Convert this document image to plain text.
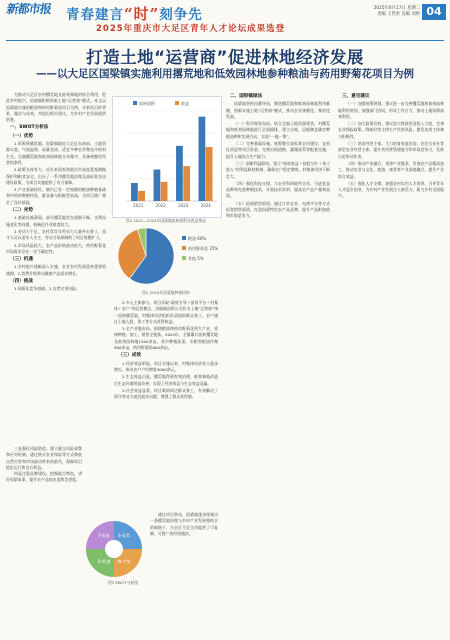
新都市报 青春建言“时”刻争先
2025年重庆市大足区青年人才论坛成果选登
2025年6月17日 星期二
责编 王世洪 美编 刘婷 04
打造土地“运营商”促进林地经济发展
——以大足区国梁镇实施利用撂荒地和低效园林地参种粮油与药用野菊花项目为例

为推动大足区农村撂荒地及低效林地的综合利用，促进乡村振兴，国梁镇积极探索土地“运营商”模式。本文以国梁镇实施的粮油和药用野菊花项目为例，分析项目的背景、做法与成效，并提出相关建议，为乡村产业发展提供借鉴。

一、SWOT分析法
（一）优势

1.资源禀赋优越。国梁镇地处大足区东南部，土地资源丰富，气候温和，雨量充沛，适宜多种农作物及中药材生长。全镇撂荒地和低效园林地分布集中，具备规模化经营的条件。

2.政策支持有力。近年来国家和重庆市高度重视耕地保护和粮食安全，出台了一系列撂荒地治理及高标准农田建设政策，为项目实施提供了有力保障。

3.产业基础较好。镇内已有一定规模的粮油种植基础和中药材种植经验，群众参与积极性较高，为项目推广奠定了良好基础。

（二）劣势

1.基础设施薄弱。部分撂荒地存在道路不畅、水利设施老化等问题，机械化作业难度较大。

2.劳动力不足。农村青壮年劳动力大量外出务工，留守人员以老年人为主，劳动力短缺制约了项目规模扩大。

3.市场风险较大。农产品价格波动较大，药用野菊花市场需求存在一定不确定性。

（三）机遇

1.乡村振兴战略深入实施，农业农村发展迎来重要机遇期。2.消费升级带动健康产品需求增长。

（四）挑战

1.同质化竞争加剧。2.自然灾害风险。

2021	2022	2023	2024
流转面积	收益
图1 2021—2024年国梁镇流转面积及收益情况
粮油 60%
药用野菊花 35%
其他 5%
图2 2024年国梁镇种植结构

2.多元主体参与。项目采取“政府引导＋国资平台＋村集体＋农户”的运营模式，由镇属国资公司作为土地“运营商”统一流转撂荒地，村集体经济组织负责组织群众务工，农户通过土地入股、务工等方式获得收益。

3.全产业链布局。围绕粮油和药用野菊花两大产业，延伸种植、加工、销售全链条。2024年，全镇累计流转撂荒地及低效园林地1500余亩，其中种植油菜、水稻等粮油作物900余亩，药用野菊花600余亩。

（三）成效

1.经济效益明显。项目实施以来，村集体经济收入稳步增长，带动农户户均增收3000余元。

2.生态效益凸显。撂荒地得到有效治理，低效林地改造后生态环境明显改善，实现了经济效益与生态效益双赢。

3.社会效益显著。项目吸纳周边群众务工，有效解决了留守劳动力就近就业问题，增强了群众获得感。

二、国梁镇做法

国梁镇坚持问题导向，聚焦撂荒地和低效园林地利用难题，创新实施土地“运营商”模式，推动农业规模化、集约化发展。

（一）科学规划布局。结合全镇土地资源现状，对撂荒地和低效园林地进行全面摸排，建立台账，因地制宜确定种植品种和发展方向，实现“一地一策”。

（二）完善基础设施。统筹整合高标准农田建设、宜机化改造等项目资金，完善田间道路、灌溉渠系等配套设施，提升土地综合生产能力。

（三）创新利益联结。建立“保底收益＋按股分红＋务工收入”的利益联结机制，确保农户稳定增收，村集体经济不断壮大。

（四）强化科技支撑。与农业科研院所合作，引进优良品种和先进种植技术，开展技术培训，提高农产品产量和品质。

（五）拓展销售渠道。通过订单农业、电商平台等方式拓宽销售渠道，打造国梁特色农产品品牌，提升产品附加值和市场竞争力。

三、意见建议

（一）加强统筹规划。建议进一步完善撂荒地和低效园林地利用规划，加强部门协同，形成工作合力，推动土地资源高效利用。

（二）加大政策扶持。建议加大财政资金投入力度，完善农业保险政策，降低经营主体生产经营风险，激发各类主体参与积极性。

（三）培育经营主体。大力培育家庭农场、农民合作社等新型农业经营主体，提升其经营管理能力和市场竞争力，发挥示范带动作用。

（四）推动产业融合。延伸产业链条，发展农产品精深加工，推动农业与文化、旅游、康养等产业深度融合，提升产业综合效益。

（五）强化人才支撑。加强农村实用人才培养，引导青年人才返乡创业，为乡村产业发展注入新活力，助力乡村全面振兴。

三是强化风险防范。建立健全风险预警和应对机制，通过购买农业保险等方式降低自然灾害和市场波动带来的损失，保障项目稳定运行和各方利益。

四是注重品牌建设。挖掘地方特色，讲好国梁故事，提升农产品知名度和美誉度。

S-优势
W-劣势
O-机遇
T-挑战
图3 SWOT分析图

通过项目带动，国梁镇逐步探索出一条撂荒地治理与乡村产业发展相结合的新路子，为全区乃至全市提供了可复制、可推广的经验做法。
